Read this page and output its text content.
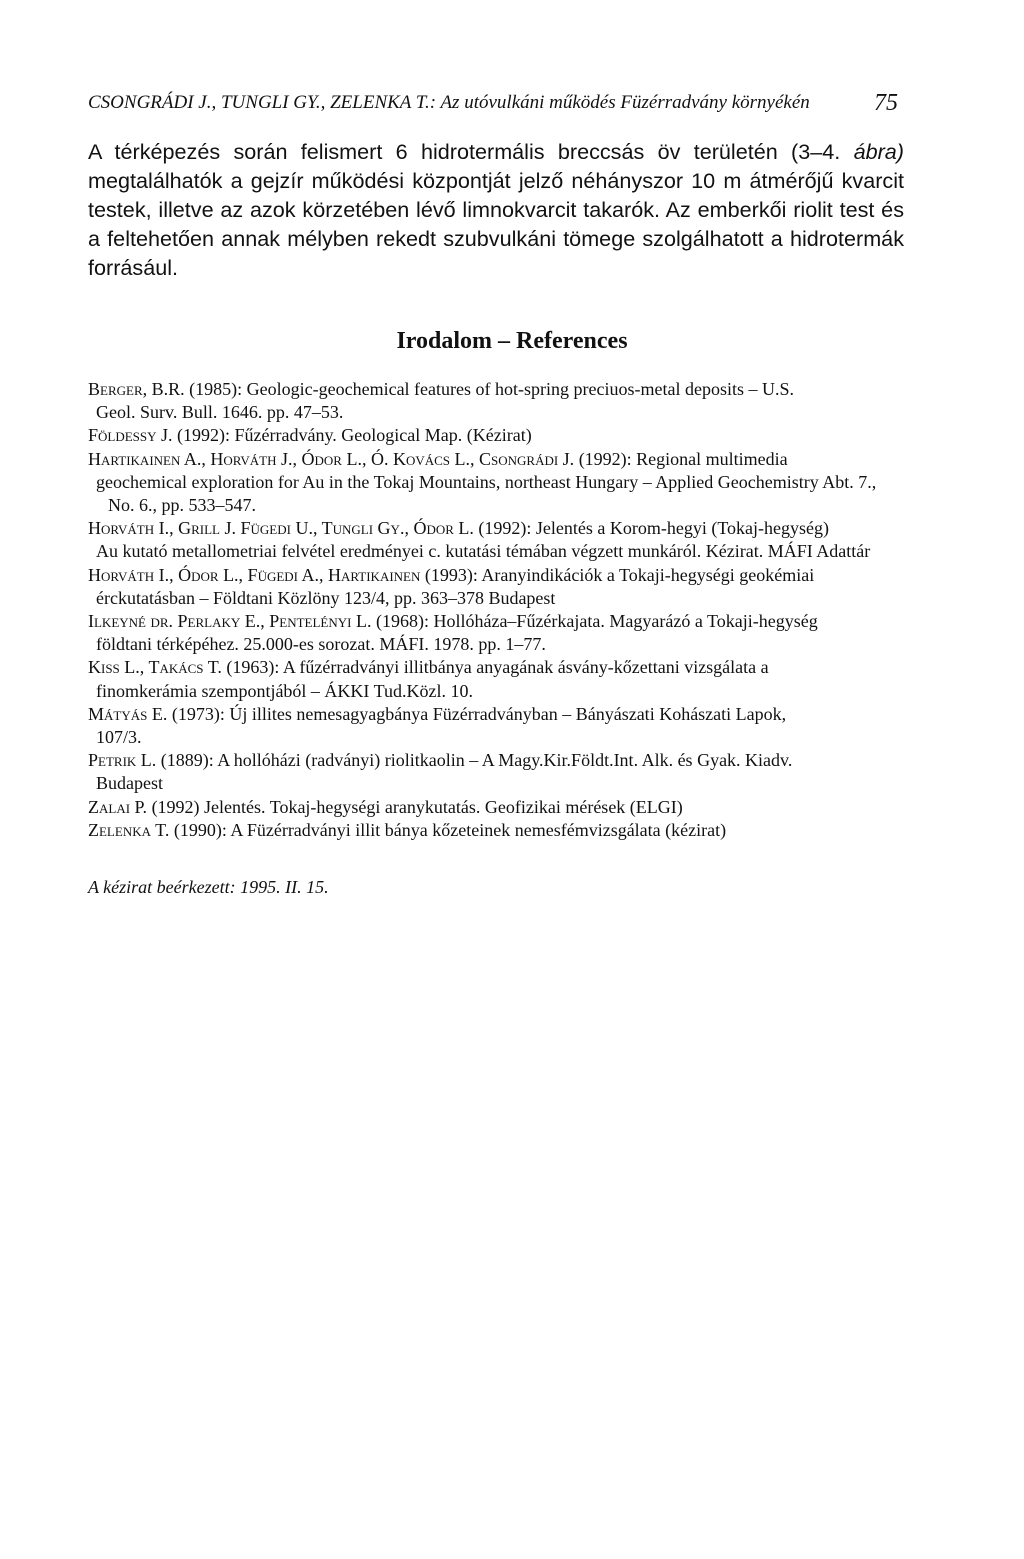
CSONGRÁDI J., TUNGLI GY., ZELENKA T.: Az utóvulkáni működés Füzérradvány környékén	75

A térképezés során felismert 6 hidrotermális breccsás öv területén (3–4. ábra) megtalálhatók a gejzír működési központját jelző néhányszor 10 m átmérőjű kvarcit testek, illetve az azok körzetében lévő limnokvarcit takarók. Az emberkői riolit test és a feltehetően annak mélyben rekedt szubvulkáni tömege szolgálhatott a hidrotermák forrásául.

Irodalom – References
Berger, B.R. (1985): Geologic-geochemical features of hot-spring preciuos-metal deposits – U.S.
Geol. Surv. Bull. 1646. pp. 47–53.
Földessy J. (1992): Fűzérradvány. Geological Map. (Kézirat)
Hartikainen A., Horváth J., Ódor L., Ó. Kovács L., Csongrádi J. (1992): Regional multimedia
geochemical exploration for Au in the Tokaj Mountains, northeast Hungary – Applied Geochemistry Abt. 7., No. 6., pp. 533–547.
Horváth I., Grill J. Fügedi U., Tungli Gy., Ódor L. (1992): Jelentés a Korom-hegyi (Tokaj-hegység)
Au kutató metallometriai felvétel eredményei c. kutatási témában végzett munkáról. Kézirat. MÁFI Adattár
Horváth I., Ódor L., Fügedi A., Hartikainen (1993): Aranyindikációk a Tokaji-hegységi geokémiai
érckutatásban – Földtani Közlöny 123/4, pp. 363–378 Budapest
Ilkeyné dr. Perlaky E., Pentelényi L. (1968): Hollóháza–Fűzérkajata. Magyarázó a Tokaji-hegység
földtani térképéhez. 25.000-es sorozat. MÁFI. 1978. pp. 1–77.
Kiss L., Takács T. (1963): A fűzérradványi illitbánya anyagának ásvány-kőzettani vizsgálata a
finomkerámia szempontjából – ÁKKI Tud.Közl. 10.
Mátyás E. (1973): Új illites nemesagyagbánya Füzérradványban – Bányászati Kohászati Lapok,
107/3.
Petrik L. (1889): A hollóházi (radványi) riolitkaolin – A Magy.Kir.Földt.Int. Alk. és Gyak. Kiadv.
Budapest
Zalai P. (1992) Jelentés. Tokaj-hegységi aranykutatás. Geofizikai mérések (ELGI)
Zelenka T. (1990): A Füzérradványi illit bánya kőzeteinek nemesfémvizsgálata (kézirat)

A kézirat beérkezett: 1995. II. 15.
